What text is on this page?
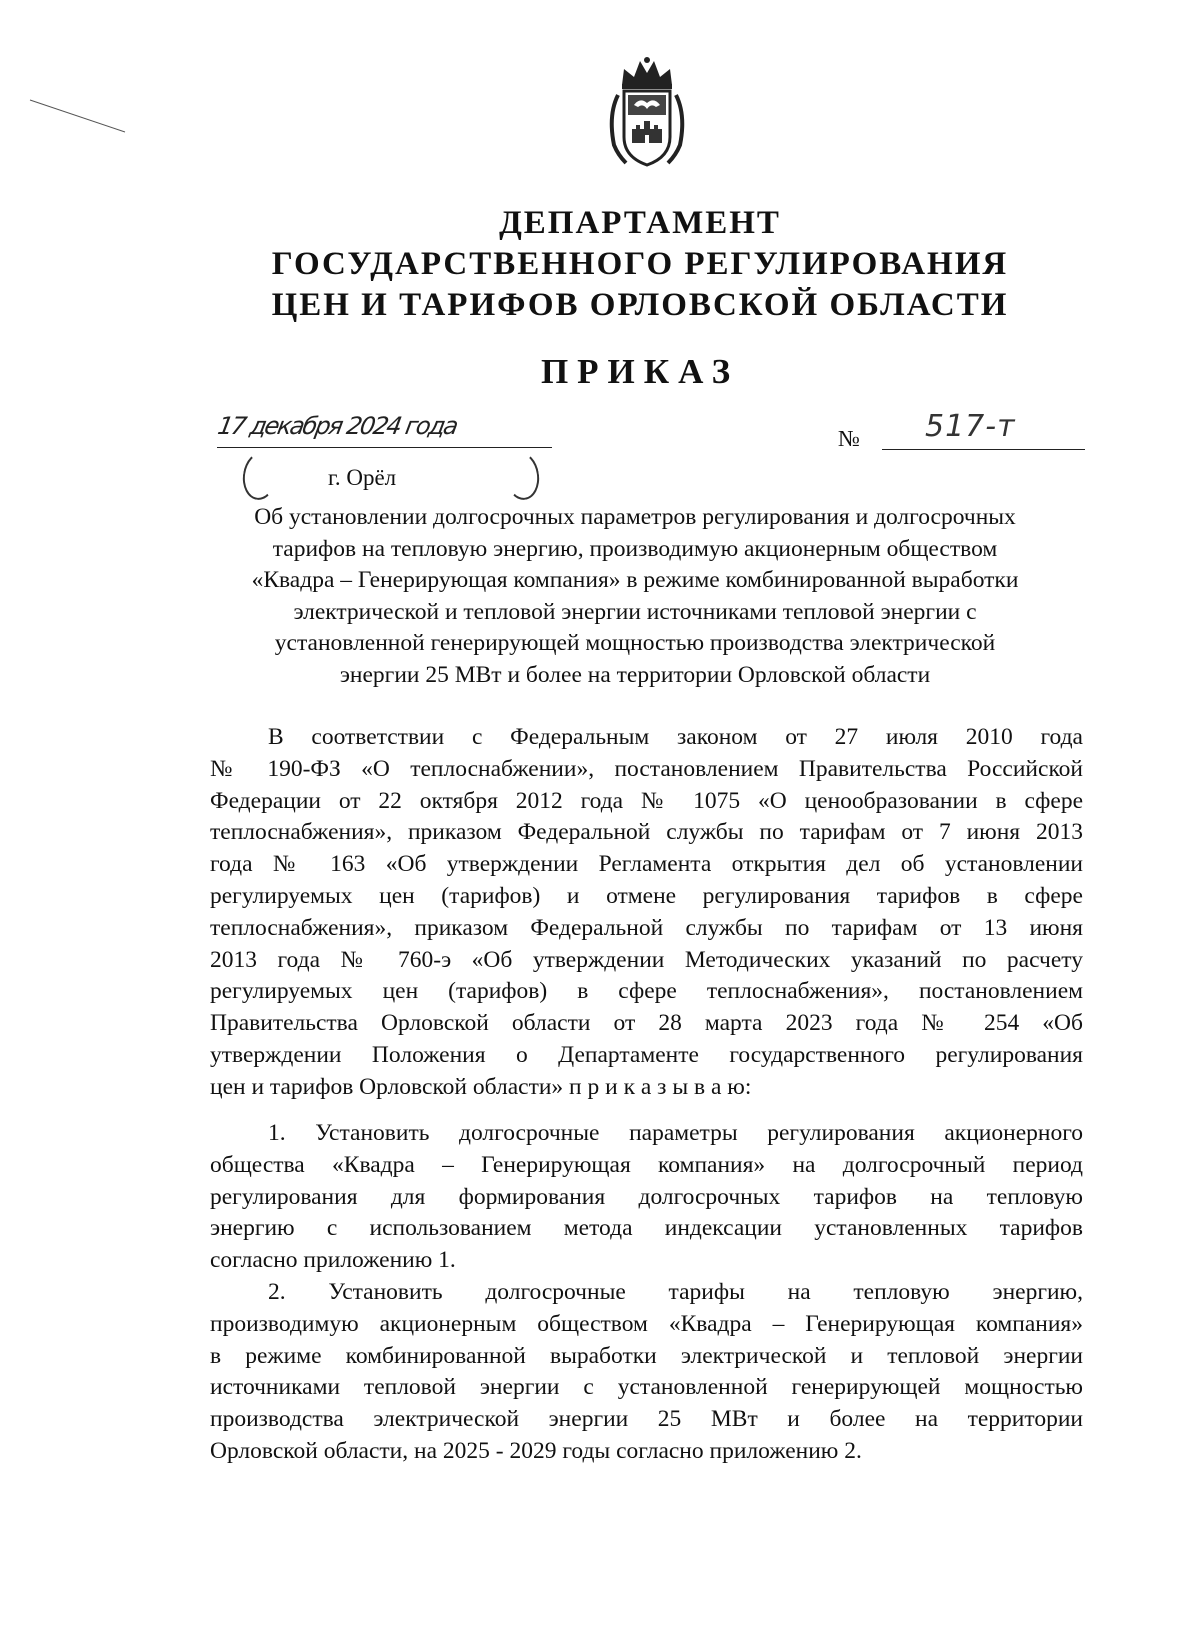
ДЕПАРТАМЕНТ
ГОСУДАРСТВЕННОГО РЕГУЛИРОВАНИЯ
ЦЕН И ТАРИФОВ ОРЛОВСКОЙ ОБЛАСТИ
ПРИКАЗ
17 декабря 2024 года
г. Орёл
№ 517-т
Об установлении долгосрочных параметров регулирования и долгосрочных
тарифов на тепловую энергию, производимую акционерным обществом
«Квадра – Генерирующая компания» в режиме комбинированной выработки
электрической и тепловой энергии источниками тепловой энергии с
установленной генерирующей мощностью производства электрической
энергии 25 МВт и более на территории Орловской области
В соответствии с Федеральным законом от 27 июля 2010 года
№ 190-ФЗ «О теплоснабжении», постановлением Правительства Российской
Федерации от 22 октября 2012 года № 1075 «О ценообразовании в сфере
теплоснабжения», приказом Федеральной службы по тарифам от 7 июня 2013
года № 163 «Об утверждении Регламента открытия дел об установлении
регулируемых цен (тарифов) и отмене регулирования тарифов в сфере
теплоснабжения», приказом Федеральной службы по тарифам от 13 июня
2013 года № 760-э «Об утверждении Методических указаний по расчету
регулируемых цен (тарифов) в сфере теплоснабжения», постановлением
Правительства Орловской области от 28 марта 2023 года № 254 «Об
утверждении Положения о Департаменте государственного регулирования
цен и тарифов Орловской области» п р и к а з ы в а ю:
1. Установить долгосрочные параметры регулирования акционерного
общества «Квадра – Генерирующая компания» на долгосрочный период
регулирования для формирования долгосрочных тарифов на тепловую
энергию с использованием метода индексации установленных тарифов
согласно приложению 1.
2. Установить долгосрочные тарифы на тепловую энергию,
производимую акционерным обществом «Квадра – Генерирующая компания»
в режиме комбинированной выработки электрической и тепловой энергии
источниками тепловой энергии с установленной генерирующей мощностью
производства электрической энергии 25 МВт и более на территории
Орловской области, на 2025 - 2029 годы согласно приложению 2.
